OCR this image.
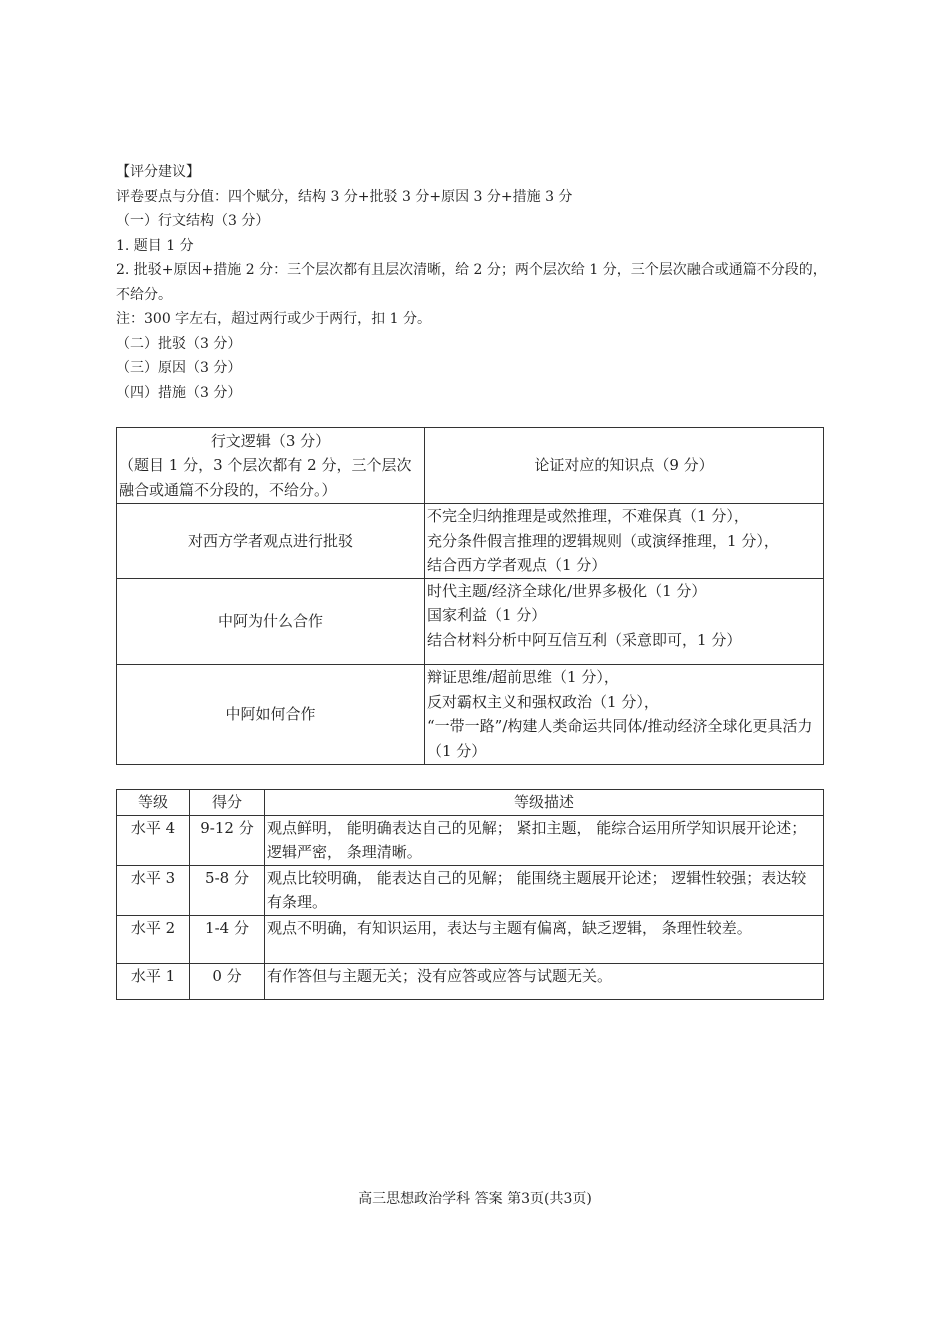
【评分建议】
评卷要点与分值：四个赋分，结构 3 分+批驳 3 分+原因 3 分+措施 3 分
（一）行文结构（3 分）
1. 题目 1 分
2. 批驳+原因+措施 2 分：三个层次都有且层次清晰，给 2 分；两个层次给 1 分，三个层次融合或通篇不分段的，不给分。
注：300 字左右，超过两行或少于两行，扣 1 分。
（二）批驳（3 分）
（三）原因（3 分）
（四）措施（3 分）
行文逻辑（3 分）
（题目 1 分，3 个层次都有 2 分，三个层次融合或通篇不分段的，不给分。）	论证对应的知识点（9 分）
对西方学者观点进行批驳	不完全归纳推理是或然推理，不难保真（1 分），
充分条件假言推理的逻辑规则（或演绎推理，1 分），
结合西方学者观点（1 分）

中阿为什么合作	时代主题/经济全球化/世界多极化（1 分）
国家利益（1 分）
结合材料分析中阿互信互利（采意即可，1 分）

中阿如何合作	辩证思维/超前思维（1 分），
反对霸权主义和强权政治（1 分），
“一带一路”/构建人类命运共同体/推动经济全球化更具活力（1 分）
等级	得分	等级描述
水平 4	9-12 分	观点鲜明， 能明确表达自己的见解； 紧扣主题， 能综合运用所学知识展开论述； 逻辑严密， 条理清晰。
水平 3	5-8 分	观点比较明确， 能表达自己的见解； 能围绕主题展开论述； 逻辑性较强；表达较有条理。
水平 2	1-4 分	观点不明确，有知识运用，表达与主题有偏离，缺乏逻辑， 条理性较差。
水平 1	0 分	有作答但与主题无关；没有应答或应答与试题无关。
高三思想政治学科 答案 第3页(共3页)
